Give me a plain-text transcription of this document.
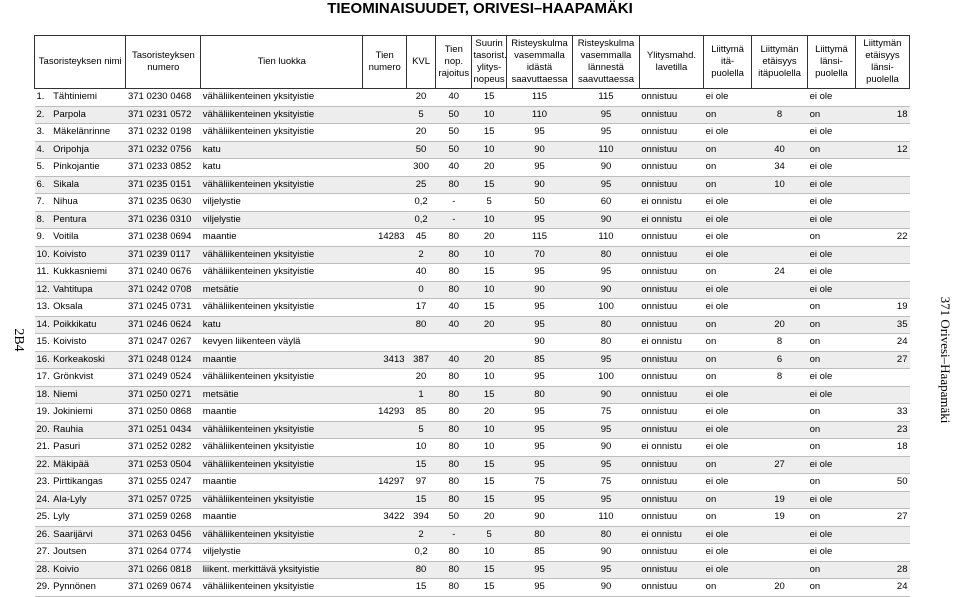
TIEOMINAISUUDET, ORIVESI–HAAPAMÄKI
2B4	371 Orivesi–Haapamäki
Tasoristeyksen nimi		Tasoristeyksen numero	Tien luokka	Tien numero	KVL	Tien nop. rajoitus	Suurin tasorist. ylitys- nopeus	Risteyskulma vasemmalla idästä saavuttaessa	Risteyskulma vasemmalla lännestä saavuttaessa	Ylitysmahd. lavetilla	Liittymä itä- puolella	Liittymän etäisyys itäpuolella	Liittymä länsi- puolella	Liittymän etäisyys länsi- puolella
1.	Tähtiniemi	371 0230 0468	vähäliikenteinen yksityistie		20	40	15	115	115	onnistuu	ei ole		ei ole	
2.	Parpola	371 0231 0572	vähäliikenteinen yksityistie		5	50	10	110	95	onnistuu	on	8	on	18
3.	Mäkelänrinne	371 0232 0198	vähäliikenteinen yksityistie		20	50	15	95	95	onnistuu	ei ole		ei ole	
4.	Oripohja	371 0232 0756	katu		50	50	10	90	110	onnistuu	on	40	on	12
5.	Pinkojantie	371 0233 0852	katu		300	40	20	95	90	onnistuu	on	34	ei ole	
6.	Sikala	371 0235 0151	vähäliikenteinen yksityistie		25	80	15	90	95	onnistuu	on	10	ei ole	
7.	Nihua	371 0235 0630	viljelystie		0,2	-	5	50	60	ei onnistu	ei ole		ei ole	
8.	Pentura	371 0236 0310	viljelystie		0,2	-	10	95	90	ei onnistu	ei ole		ei ole	
9.	Voitila	371 0238 0694	maantie	14283	45	80	20	115	110	onnistuu	ei ole		on	22
10.	Koivisto	371 0239 0117	vähäliikenteinen yksityistie		2	80	10	70	80	onnistuu	ei ole		ei ole	
11.	Kukkasniemi	371 0240 0676	vähäliikenteinen yksityistie		40	80	15	95	95	onnistuu	on	24	ei ole	
12.	Vahtitupa	371 0242 0708	metsätie		0	80	10	90	90	onnistuu	ei ole		ei ole	
13.	Oksala	371 0245 0731	vähäliikenteinen yksityistie		17	40	15	95	100	onnistuu	ei ole		on	19
14.	Poikkikatu	371 0246 0624	katu		80	40	20	95	80	onnistuu	on	20	on	35
15.	Koivisto	371 0247 0267	kevyen liikenteen väylä					90	80	ei onnistu	on	8	on	24
16.	Korkeakoski	371 0248 0124	maantie	3413	387	40	20	85	95	onnistuu	on	6	on	27
17.	Grönkvist	371 0249 0524	vähäliikenteinen yksityistie		20	80	10	95	100	onnistuu	on	8	ei ole	
18.	Niemi	371 0250 0271	metsätie		1	80	15	80	90	onnistuu	ei ole		ei ole	
19.	Jokiniemi	371 0250 0868	maantie	14293	85	80	20	95	75	onnistuu	ei ole		on	33
20.	Rauhia	371 0251 0434	vähäliikenteinen yksityistie		5	80	10	95	95	onnistuu	ei ole		on	23
21.	Pasuri	371 0252 0282	vähäliikenteinen yksityistie		10	80	10	95	90	ei onnistu	ei ole		on	18
22.	Mäkipää	371 0253 0504	vähäliikenteinen yksityistie		15	80	15	95	95	onnistuu	on	27	ei ole	
23.	Pirttikangas	371 0255 0247	maantie	14297	97	80	15	75	75	onnistuu	ei ole		on	50
24.	Ala-Lyly	371 0257 0725	vähäliikenteinen yksityistie		15	80	15	95	95	onnistuu	on	19	ei ole	
25.	Lyly	371 0259 0268	maantie	3422	394	50	20	90	110	onnistuu	on	19	on	27
26.	Saarijärvi	371 0263 0456	vähäliikenteinen yksityistie		2	-	5	80	80	ei onnistu	ei ole		ei ole	
27.	Joutsen	371 0264 0774	viljelystie		0,2	80	10	85	90	onnistuu	ei ole		ei ole	
28.	Koivio	371 0266 0818	liikent. merkittävä yksityistie		80	80	15	95	95	onnistuu	ei ole		on	28
29.	Pynnönen	371 0269 0674	vähäliikenteinen yksityistie		15	80	15	95	90	onnistuu	on	20	on	24
